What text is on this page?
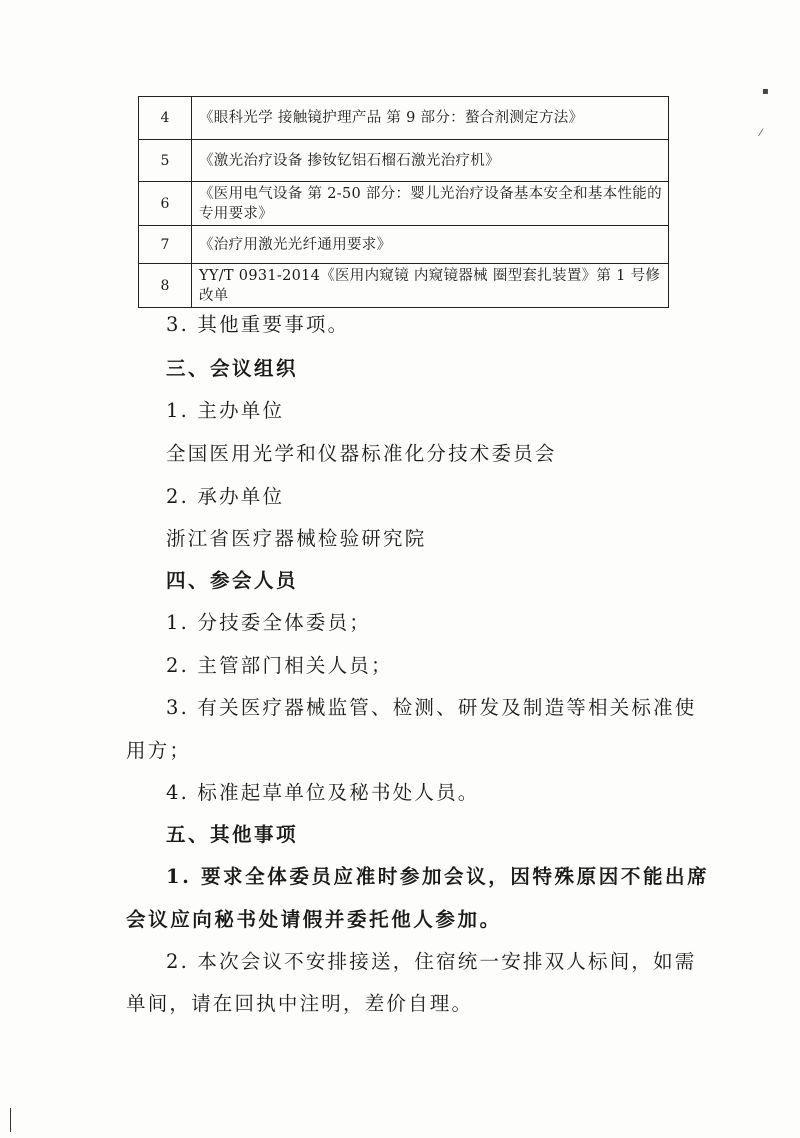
4	《眼科光学 接触镜护理产品 第 9 部分：螯合剂测定方法》
5	《激光治疗设备 掺钕钇铝石榴石激光治疗机》
6	《医用电气设备 第 2-50 部分：婴儿光治疗设备基本安全和基本性能的专用要求》
7	《治疗用激光光纤通用要求》
8	YY/T 0931-2014《医用内窥镜 内窥镜器械 圈型套扎装置》第 1 号修改单
3. 其他重要事项。
三、会议组织
1. 主办单位
全国医用光学和仪器标准化分技术委员会
2. 承办单位
浙江省医疗器械检验研究院
四、参会人员
1. 分技委全体委员；
2. 主管部门相关人员；
3. 有关医疗器械监管、检测、研发及制造等相关标准使
用方；
4. 标准起草单位及秘书处人员。
五、其他事项
1. 要求全体委员应准时参加会议，因特殊原因不能出席
会议应向秘书处请假并委托他人参加。
2. 本次会议不安排接送，住宿统一安排双人标间，如需
单间，请在回执中注明，差价自理。
▪
⁄
